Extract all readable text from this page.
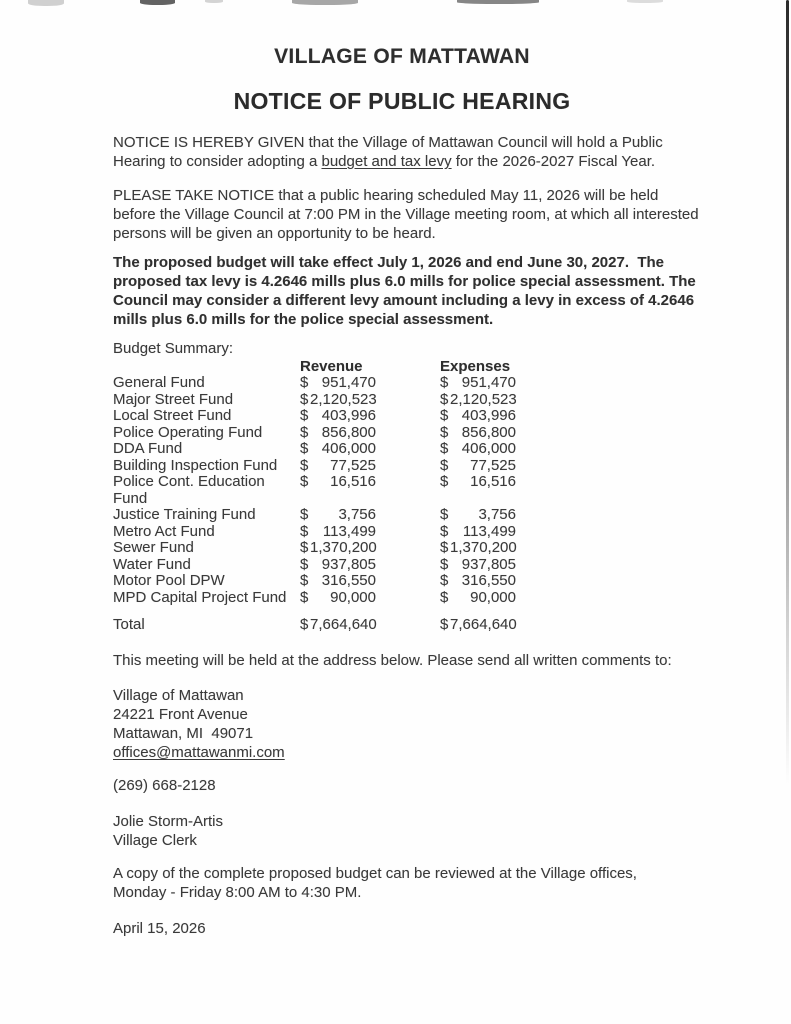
VILLAGE OF MATTAWAN
NOTICE OF PUBLIC HEARING
NOTICE IS HEREBY GIVEN that the Village of Mattawan Council will hold a Public
Hearing to consider adopting a budget and tax levy for the 2026-2027 Fiscal Year.
PLEASE TAKE NOTICE that a public hearing scheduled May 11, 2026 will be held
before the Village Council at 7:00 PM in the Village meeting room, at which all interested
persons will be given an opportunity to be heard.
The proposed budget will take effect July 1, 2026 and end June 30, 2027.  The
proposed tax levy is 4.2646 mills plus 6.0 mills for police special assessment. The
Council may consider a different levy amount including a levy in excess of 4.2646
mills plus 6.0 mills for the police special assessment.
Budget Summary:
Revenue	Expenses
General Fund	$ 951,470	$ 951,470
Major Street Fund	$ 2,120,523	$ 2,120,523
Local Street Fund	$ 403,996	$ 403,996
Police Operating Fund	$ 856,800	$ 856,800
DDA Fund	$ 406,000	$ 406,000
Building Inspection Fund	$	77,525	$	77,525
Police Cont. Education Fund
$	16,516	$	16,516
Justice Training Fund	$	3,756	$	3,756
Metro Act Fund	$ 113,499	$ 113,499
Sewer Fund	$ 1,370,200	$ 1,370,200
Water Fund	$ 937,805	$ 937,805
Motor Pool DPW	$ 316,550	$ 316,550
MPD Capital Project Fund $	90,000	$	90,000
Total	$ 7,664,640	$ 7,664,640
This meeting will be held at the address below. Please send all written comments to:
Village of Mattawan
24221 Front Avenue
Mattawan, MI  49071
offices@mattawanmi.com
(269) 668-2128
Jolie Storm-Artis
Village Clerk
A copy of the complete proposed budget can be reviewed at the Village offices,
Monday - Friday 8:00 AM to 4:30 PM.
April 15, 2026
